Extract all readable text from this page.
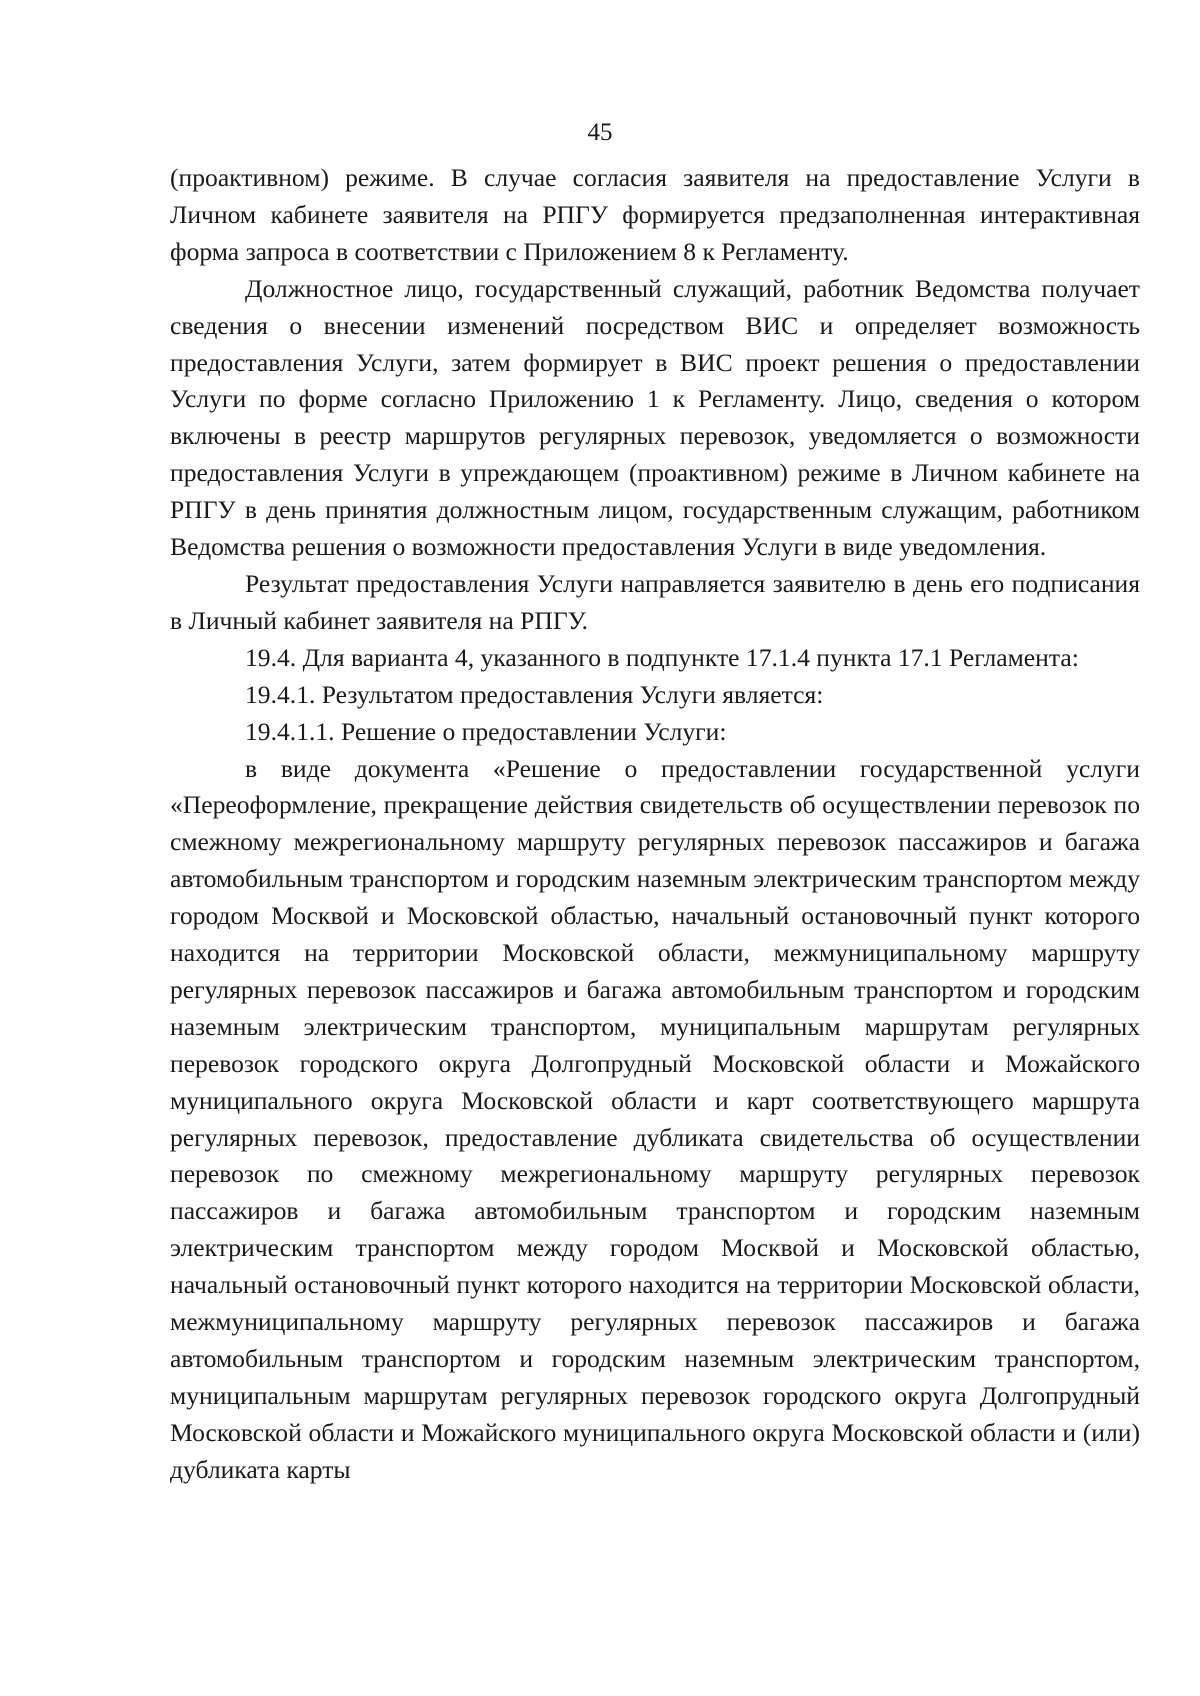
45

(проактивном) режиме. В случае согласия заявителя на предоставление Услуги в Личном кабинете заявителя на РПГУ формируется предзаполненная интерактивная форма запроса в соответствии с Приложением 8 к Регламенту.

Должностное лицо, государственный служащий, работник Ведомства получает сведения о внесении изменений посредством ВИС и определяет возможность предоставления Услуги, затем формирует в ВИС проект решения о предоставлении Услуги по форме согласно Приложению 1 к Регламенту. Лицо, сведения о котором включены в реестр маршрутов регулярных перевозок, уведомляется о возможности предоставления Услуги в упреждающем (проактивном) режиме в Личном кабинете на РПГУ в день принятия должностным лицом, государственным служащим, работником Ведомства решения о возможности предоставления Услуги в виде уведомления.

Результат предоставления Услуги направляется заявителю в день его подписания в Личный кабинет заявителя на РПГУ.

19.4. Для варианта 4, указанного в подпункте 17.1.4 пункта 17.1 Регламента:

19.4.1. Результатом предоставления Услуги является:

19.4.1.1. Решение о предоставлении Услуги:

в виде документа «Решение о предоставлении государственной услуги «Переоформление, прекращение действия свидетельств об осуществлении перевозок по смежному межрегиональному маршруту регулярных перевозок пассажиров и багажа автомобильным транспортом и городским наземным электрическим транспортом между городом Москвой и Московской областью, начальный остановочный пункт которого находится на территории Московской области, межмуниципальному маршруту регулярных перевозок пассажиров и багажа автомобильным транспортом и городским наземным электрическим транспортом, муниципальным маршрутам регулярных перевозок городского округа Долгопрудный Московской области и Можайского муниципального округа Московской области и карт соответствующего маршрута регулярных перевозок, предоставление дубликата свидетельства об осуществлении перевозок по смежному межрегиональному маршруту регулярных перевозок пассажиров и багажа автомобильным транспортом и городским наземным электрическим транспортом между городом Москвой и Московской областью, начальный остановочный пункт которого находится на территории Московской области, межмуниципальному маршруту регулярных перевозок пассажиров и багажа автомобильным транспортом и городским наземным электрическим транспортом, муниципальным маршрутам регулярных перевозок городского округа Долгопрудный Московской области и Можайского муниципального округа Московской области и (или) дубликата карты
